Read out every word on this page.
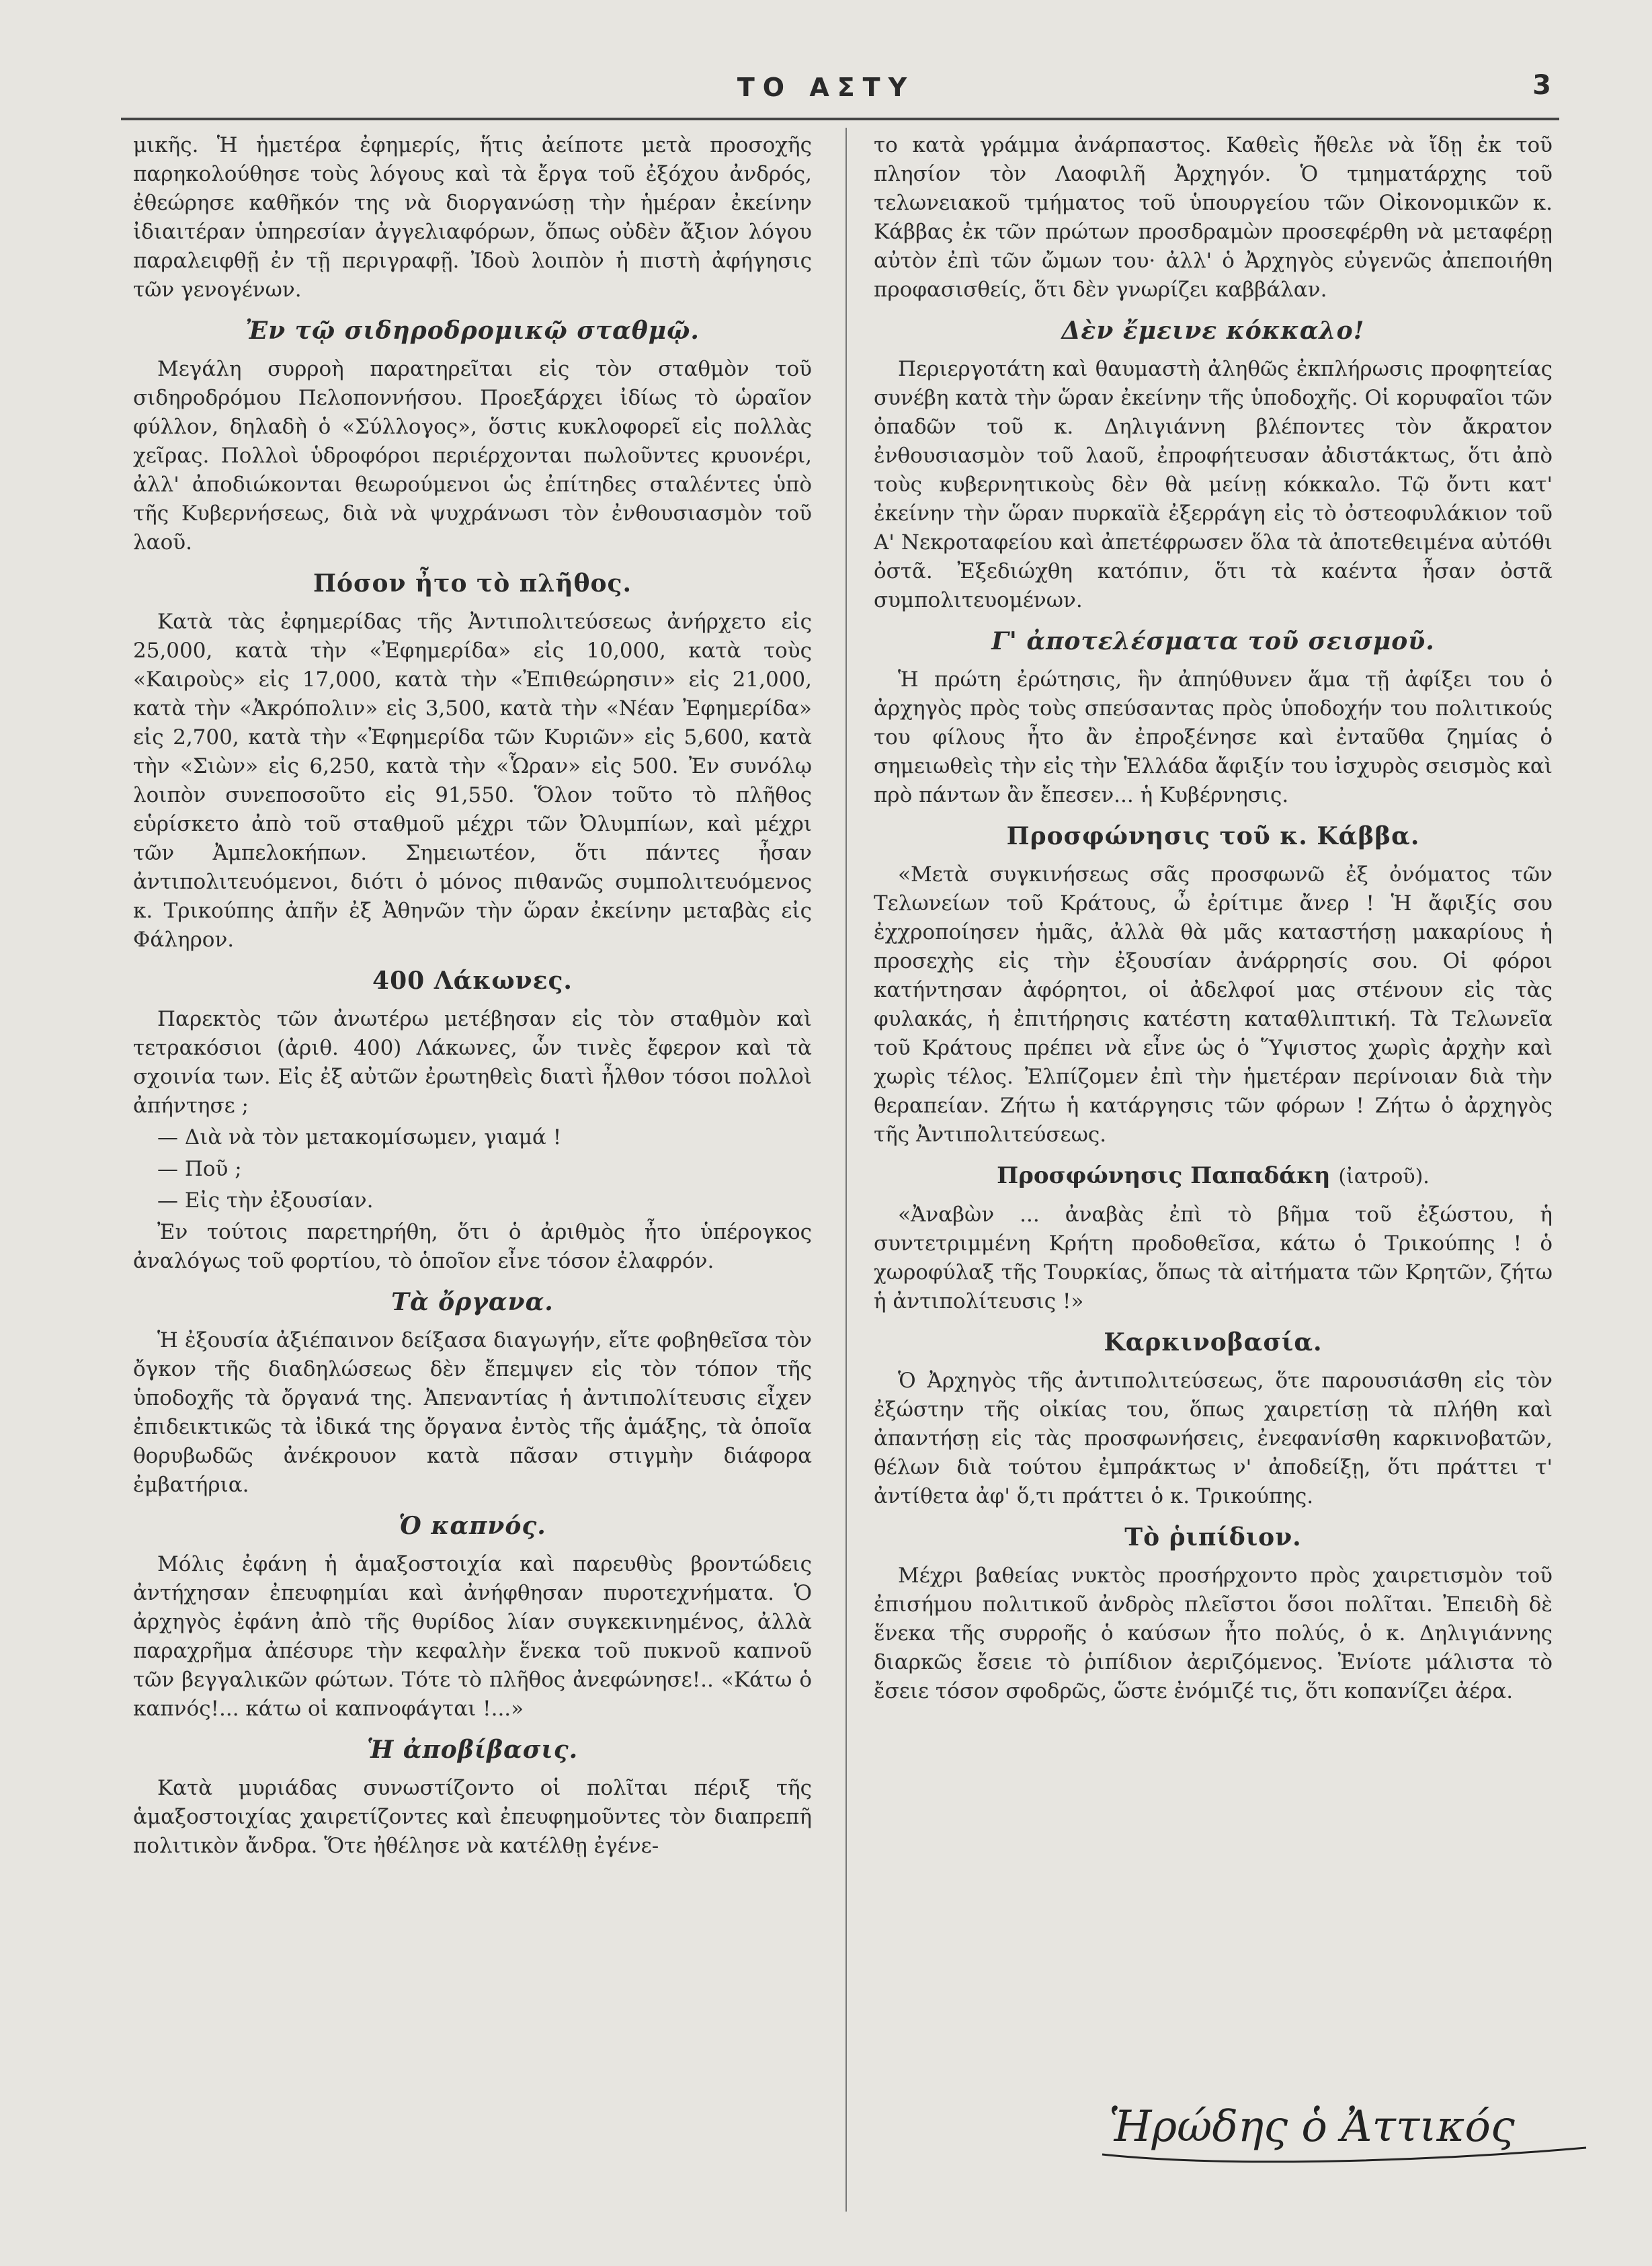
ΤΟ ΑΣΤΥ	3

μικῆς. Ἡ ἡμετέρα ἐφημερίς, ἥτις ἀείποτε μετὰ προσοχῆς παρηκολούθησε τοὺς λόγους καὶ τὰ ἔργα τοῦ ἐξόχου ἀνδρός, ἐθεώρησε καθῆκόν της νὰ διοργανώσῃ τὴν ἡμέραν ἐκείνην ἰδιαιτέραν ὑπηρεσίαν ἀγγελιαφόρων, ὅπως οὐδὲν ἄξιον λόγου παραλειφθῇ ἐν τῇ περιγραφῇ. Ἰδοὺ λοιπὸν ἡ πιστὴ ἀφήγησις τῶν γενογένων.

Ἐν τῷ σιδηροδρομικῷ σταθμῷ.

Μεγάλη συρροὴ παρατηρεῖται εἰς τὸν σταθμὸν τοῦ σιδηροδρόμου Πελοποννήσου. Προεξάρχει ἰδίως τὸ ὡραῖον φύλλον, δηλαδὴ ὁ «Σύλλογος», ὅστις κυκλοφορεῖ εἰς πολλὰς χεῖρας. Πολλοὶ ὑδροφόροι περιέρχονται πωλοῦντες κρυονέρι, ἀλλ' ἀποδιώκονται θεωρούμενοι ὡς ἐπίτηδες σταλέντες ὑπὸ τῆς Κυβερνήσεως, διὰ νὰ ψυχράνωσι τὸν ἐνθουσιασμὸν τοῦ λαοῦ.

Πόσον ἦτο τὸ πλῆθος.

Κατὰ τὰς ἐφημερίδας τῆς Ἀντιπολιτεύσεως ἀνήρχετο εἰς 25,000, κατὰ τὴν «Ἐφημερίδα» εἰς 10,000, κατὰ τοὺς «Καιροὺς» εἰς 17,000, κατὰ τὴν «Ἐπιθεώρησιν» εἰς 21,000, κατὰ τὴν «Ἀκρόπολιν» εἰς 3,500, κατὰ τὴν «Νέαν Ἐφημερίδα» εἰς 2,700, κατὰ τὴν «Ἐφημερίδα τῶν Κυριῶν» εἰς 5,600, κατὰ τὴν «Σιὼν» εἰς 6,250, κατὰ τὴν «Ὧραν» εἰς 500. Ἐν συνόλῳ λοιπὸν συνεποσοῦτο εἰς 91,550. Ὅλον τοῦτο τὸ πλῆθος εὑρίσκετο ἀπὸ τοῦ σταθμοῦ μέχρι τῶν Ὀλυμπίων, καὶ μέχρι τῶν Ἀμπελοκήπων. Σημειωτέον, ὅτι πάντες ἦσαν ἀντιπολιτευόμενοι, διότι ὁ μόνος πιθανῶς συμπολιτευόμενος κ. Τρικούπης ἀπῆν ἐξ Ἀθηνῶν τὴν ὥραν ἐκείνην μεταβὰς εἰς Φάληρον.

400 Λάκωνες.

Παρεκτὸς τῶν ἀνωτέρω μετέβησαν εἰς τὸν σταθμὸν καὶ τετρακόσιοι (ἀριθ. 400) Λάκωνες, ὧν τινὲς ἔφερον καὶ τὰ σχοινία των. Εἰς ἐξ αὐτῶν ἐρωτηθεὶς διατὶ ἦλθον τόσοι πολλοὶ ἀπήντησε ;

— Διὰ νὰ τὸν μετακομίσωμεν, γιαμά !

— Ποῦ ;

— Εἰς τὴν ἐξουσίαν.

Ἐν τούτοις παρετηρήθη, ὅτι ὁ ἀριθμὸς ἦτο ὑπέρογκος ἀναλόγως τοῦ φορτίου, τὸ ὁποῖον εἶνε τόσον ἐλαφρόν.

Τὰ ὄργανα.

Ἡ ἐξουσία ἀξιέπαινον δείξασα διαγωγήν, εἴτε φοβηθεῖσα τὸν ὄγκον τῆς διαδηλώσεως δὲν ἔπεμψεν εἰς τὸν τόπον τῆς ὑποδοχῆς τὰ ὄργανά της. Ἀπεναντίας ἡ ἀντιπολίτευσις εἶχεν ἐπιδεικτικῶς τὰ ἰδικά της ὄργανα ἐντὸς τῆς ἁμάξης, τὰ ὁποῖα θορυβωδῶς ἀνέκρουον κατὰ πᾶσαν στιγμὴν διάφορα ἐμβατήρια.

Ὁ καπνός.

Μόλις ἐφάνη ἡ ἁμαξοστοιχία καὶ παρευθὺς βροντώδεις ἀντήχησαν ἐπευφημίαι καὶ ἀνήφθησαν πυροτεχνήματα. Ὁ ἀρχηγὸς ἐφάνη ἀπὸ τῆς θυρίδος λίαν συγκεκινημένος, ἀλλὰ παραχρῆμα ἀπέσυρε τὴν κεφαλὴν ἕνεκα τοῦ πυκνοῦ καπνοῦ τῶν βεγγαλικῶν φώτων. Τότε τὸ πλῆθος ἀνεφώνησε!.. «Κάτω ὁ καπνός!... κάτω οἱ καπνοφάγται !...»

Ἡ ἀποβίβασις.

Κατὰ μυριάδας συνωστίζοντο οἱ πολῖται πέριξ τῆς ἁμαξοστοιχίας χαιρετίζοντες καὶ ἐπευφημοῦντες τὸν διαπρεπῆ πολιτικὸν ἄνδρα. Ὅτε ἠθέλησε νὰ κατέλθῃ ἐγένε-

το κατὰ γράμμα ἀνάρπαστος. Καθεὶς ἤθελε νὰ ἴδῃ ἐκ τοῦ πλησίον τὸν Λαοφιλῆ Ἀρχηγόν. Ὁ τμηματάρχης τοῦ τελωνειακοῦ τμήματος τοῦ ὑπουργείου τῶν Οἰκονομικῶν κ. Κάββας ἐκ τῶν πρώτων προσδραμὼν προσεφέρθη νὰ μεταφέρῃ αὐτὸν ἐπὶ τῶν ὤμων του· ἀλλ' ὁ Ἀρχηγὸς εὐγενῶς ἀπεποιήθη προφασισθείς, ὅτι δὲν γνωρίζει καββάλαν.

Δὲν ἔμεινε κόκκαλο!

Περιεργοτάτη καὶ θαυμαστὴ ἀληθῶς ἐκπλήρωσις προφητείας συνέβη κατὰ τὴν ὥραν ἐκείνην τῆς ὑποδοχῆς. Οἱ κορυφαῖοι τῶν ὀπαδῶν τοῦ κ. Δηλιγιάννη βλέποντες τὸν ἄκρατον ἐνθουσιασμὸν τοῦ λαοῦ, ἐπροφήτευσαν ἀδιστάκτως, ὅτι ἀπὸ τοὺς κυβερνητικοὺς δὲν θὰ μείνῃ κόκκαλο. Τῷ ὄντι κατ' ἐκείνην τὴν ὥραν πυρκαϊὰ ἐξερράγη εἰς τὸ ὀστεοφυλάκιον τοῦ Α' Νεκροταφείου καὶ ἀπετέφρωσεν ὅλα τὰ ἀποτεθειμένα αὐτόθι ὀστᾶ. Ἐξεδιώχθη κατόπιν, ὅτι τὰ καέντα ἦσαν ὀστᾶ συμπολιτευομένων.

Γ' ἀποτελέσματα τοῦ σεισμοῦ.

Ἡ πρώτη ἐρώτησις, ἣν ἀπηύθυνεν ἅμα τῇ ἀφίξει του ὁ ἀρχηγὸς πρὸς τοὺς σπεύσαντας πρὸς ὑποδοχήν του πολιτικούς του φίλους ἦτο ἂν ἐπροξένησε καὶ ἐνταῦθα ζημίας ὁ σημειωθεὶς τὴν εἰς τὴν Ἑλλάδα ἄφιξίν του ἰσχυρὸς σεισμὸς καὶ πρὸ πάντων ἂν ἔπεσεν... ἡ Κυβέρνησις.

Προσφώνησις τοῦ κ. Κάββα.

«Μετὰ συγκινήσεως σᾶς προσφωνῶ ἐξ ὀνόματος τῶν Τελωνείων τοῦ Κράτους, ὦ ἐρίτιμε ἄνερ ! Ἡ ἄφιξίς σου ἐχχροποίησεν ἡμᾶς, ἀλλὰ θὰ μᾶς καταστήσῃ μακαρίους ἡ προσεχὴς εἰς τὴν ἐξουσίαν ἀνάρρησίς σου. Οἱ φόροι κατήντησαν ἀφόρητοι, οἱ ἀδελφοί μας στένουν εἰς τὰς φυλακάς, ἡ ἐπιτήρησις κατέστη καταθλιπτική. Τὰ Τελωνεῖα τοῦ Κράτους πρέπει νὰ εἶνε ὡς ὁ Ὕψιστος χωρὶς ἀρχὴν καὶ χωρὶς τέλος. Ἐλπίζομεν ἐπὶ τὴν ἡμετέραν περίνοιαν διὰ τὴν θεραπείαν. Ζήτω ἡ κατάργησις τῶν φόρων ! Ζήτω ὁ ἀρχηγὸς τῆς Ἀντιπολιτεύσεως.

Προσφώνησις Παπαδάκη (ἰατροῦ).

«Ἀναβὼν ... ἀναβὰς ἐπὶ τὸ βῆμα τοῦ ἐξώστου, ἡ συντετριμμένη Κρήτη προδοθεῖσα, κάτω ὁ Τρικούπης ! ὁ χωροφύλαξ τῆς Τουρκίας, ὅπως τὰ αἰτήματα τῶν Κρητῶν, ζήτω ἡ ἀντιπολίτευσις !»

Καρκινοβασία.

Ὁ Ἀρχηγὸς τῆς ἀντιπολιτεύσεως, ὅτε παρουσιάσθη εἰς τὸν ἐξώστην τῆς οἰκίας του, ὅπως χαιρετίσῃ τὰ πλήθη καὶ ἀπαντήσῃ εἰς τὰς προσφωνήσεις, ἐνεφανίσθη καρκινοβατῶν, θέλων διὰ τούτου ἐμπράκτως ν' ἀποδείξῃ, ὅτι πράττει τ' ἀντίθετα ἀφ' ὅ,τι πράττει ὁ κ. Τρικούπης.

Τὸ ῥιπίδιον.

Μέχρι βαθείας νυκτὸς προσήρχοντο πρὸς χαιρετισμὸν τοῦ ἐπισήμου πολιτικοῦ ἀνδρὸς πλεῖστοι ὅσοι πολῖται. Ἐπειδὴ δὲ ἕνεκα τῆς συρροῆς ὁ καύσων ἦτο πολύς, ὁ κ. Δηλιγιάννης διαρκῶς ἔσειε τὸ ῥιπίδιον ἀεριζόμενος. Ἐνίοτε μάλιστα τὸ ἔσειε τόσον σφοδρῶς, ὥστε ἐνόμιζέ τις, ὅτι κοπανίζει ἀέρα.

Ἡρώδης ὁ Ἀττικός
